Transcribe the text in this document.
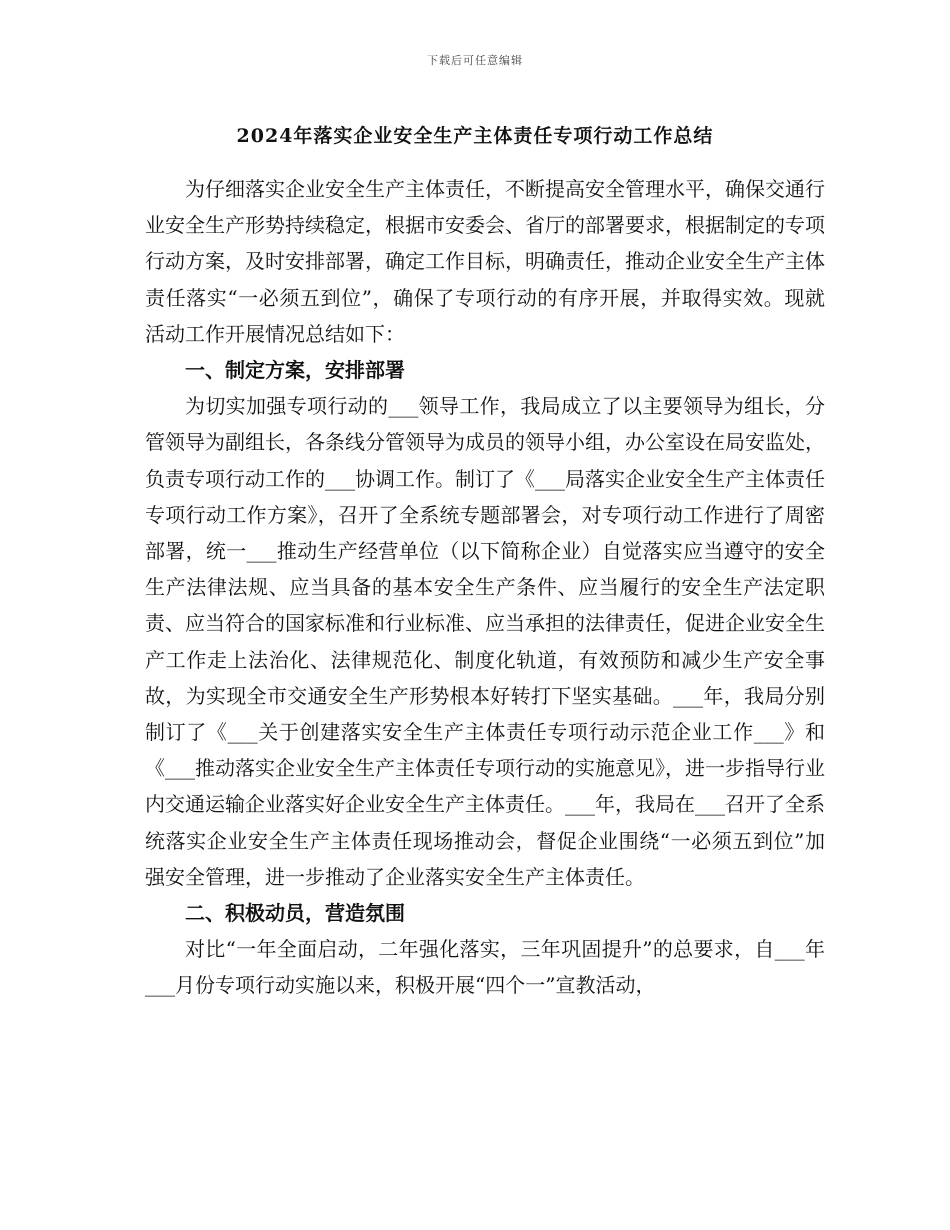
下载后可任意编辑
2024年落实企业安全生产主体责任专项行动工作总结

为仔细落实企业安全生产主体责任，不断提高安全管理水平，确保交通行业安全生产形势持续稳定，根据市安委会、省厅的部署要求，根据制定的专项行动方案，及时安排部署，确定工作目标，明确责任，推动企业安全生产主体责任落实“一必须五到位”，确保了专项行动的有序开展，并取得实效。现就活动工作开展情况总结如下：

一、制定方案，安排部署

为切实加强专项行动的___领导工作，我局成立了以主要领导为组长，分管领导为副组长，各条线分管领导为成员的领导小组，办公室设在局安监处，负责专项行动工作的___协调工作。制订了《___局落实企业安全生产主体责任专项行动工作方案》，召开了全系统专题部署会，对专项行动工作进行了周密部署，统一___推动生产经营单位（以下简称企业）自觉落实应当遵守的安全生产法律法规、应当具备的基本安全生产条件、应当履行的安全生产法定职责、应当符合的国家标准和行业标准、应当承担的法律责任，促进企业安全生产工作走上法治化、法律规范化、制度化轨道，有效预防和减少生产安全事故，为实现全市交通安全生产形势根本好转打下坚实基础。___年，我局分别制订了《___关于创建落实安全生产主体责任专项行动示范企业工作___》和《___推动落实企业安全生产主体责任专项行动的实施意见》，进一步指导行业内交通运输企业落实好企业安全生产主体责任。___年，我局在___召开了全系统落实企业安全生产主体责任现场推动会，督促企业围绕“一必须五到位”加强安全管理，进一步推动了企业落实安全生产主体责任。

二、积极动员，营造氛围

对比“一年全面启动，二年强化落实，三年巩固提升”的总要求，自___年___月份专项行动实施以来，积极开展“四个一”宣教活动，
